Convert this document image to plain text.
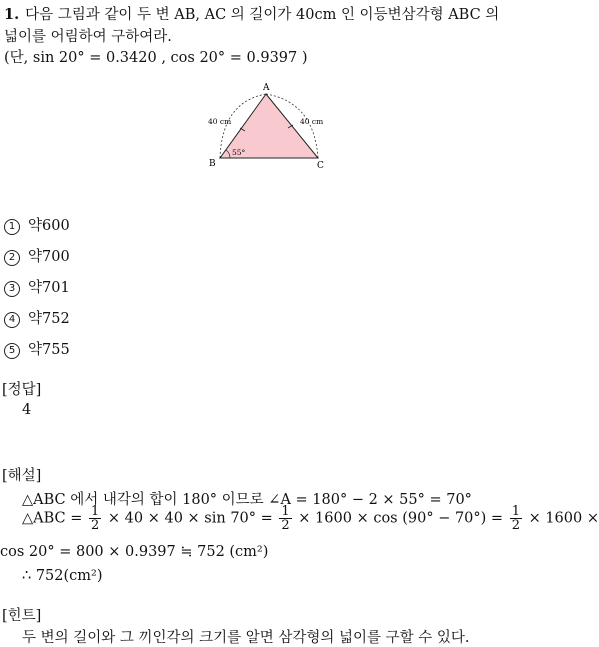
1. 다음 그림과 같이 두 변 AB, AC 의 길이가 40cm 인 이등변삼각형 ABC 의
넓이를 어림하여 구하여라.
(단, sin 20° = 0.3420 , cos 20° = 0.9397 )
A
B	C
40 cm	40 cm
55°
1 약600
2 약700
3 약701
4 약752
5 약755
[정답]
4
[해설]
△ABC 에서 내각의 합이 180° 이므로 ∠A = 180° − 2 × 55° = 70°
△ABC = $\frac{1}{2} \times 40 \times 40 \times \sin 70^\circ = \frac{1}{2} \times 1600 \times \cos (90^\circ - 70^\circ) = \frac{1}{2} \times 1600$ ×
cos 20° = 800 × 0.9397 ≒ 752 (cm²)
∴ 752(cm²)
[힌트]
두 변의 길이와 그 끼인각의 크기를 알면 삼각형의 넓이를 구할 수 있다.
